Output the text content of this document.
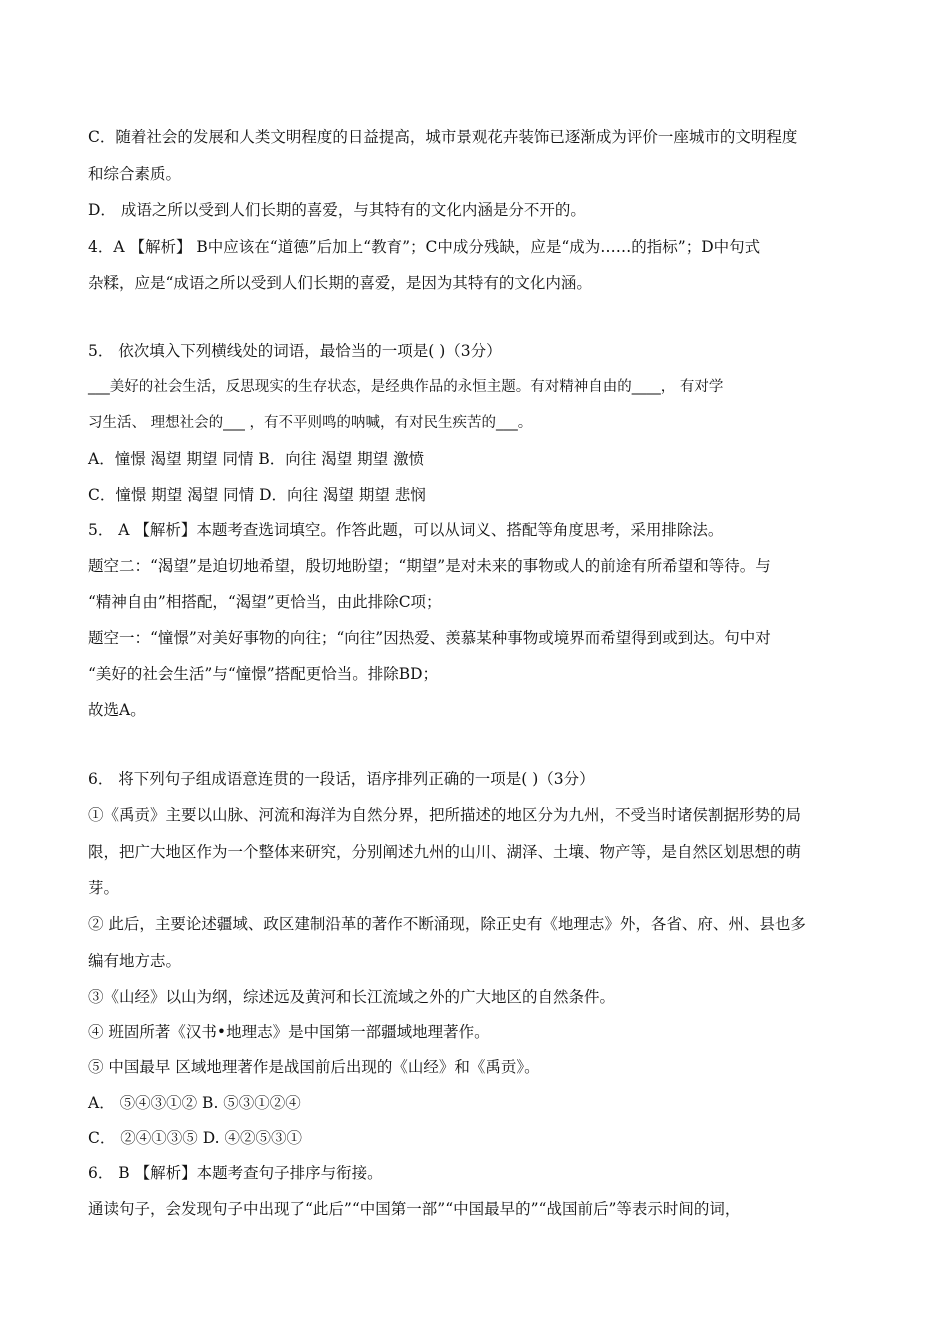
C．随着社会的发展和人类文明程度的日益提高，城市景观花卉装饰已逐渐成为评价一座城市的文明程度
和综合素质。
D． 成语之所以受到人们长期的喜爱，与其特有的文化内涵是分不开的。
4．A 【解析】 B中应该在“道德”后加上“教育”；C中成分残缺，应是“成为……的指标”；D中句式
杂糅，应是“成语之所以受到人们长期的喜爱，是因为其特有的文化内涵。
5． 依次填入下列横线处的词语，最恰当的一项是( )（3分）
___美好的社会生活，反思现实的生存状态，是经典作品的永恒主题。有对精神自由的____， 有对学
习生活、 理想社会的___ ，有不平则鸣的呐喊，有对民生疾苦的___。
A．憧憬 渴望 期望 同情 B．向往 渴望 期望 激愤
C．憧憬 期望 渴望 同情 D．向往 渴望 期望 悲悯
5． A 【解析】本题考查选词填空。作答此题，可以从词义、搭配等角度思考，采用排除法。
题空二：“渴望”是迫切地希望，殷切地盼望；“期望”是对未来的事物或人的前途有所希望和等待。与
“精神自由”相搭配，“渴望”更恰当，由此排除C项；
题空一：“憧憬”对美好事物的向往；“向往”因热爱、羡慕某种事物或境界而希望得到或到达。句中对
“美好的社会生活”与“憧憬”搭配更恰当。排除BD；
故选A。
6． 将下列句子组成语意连贯的一段话，语序排列正确的一项是( )（3分）
①《禹贡》主要以山脉、河流和海洋为自然分界，把所描述的地区分为九州，不受当时诸侯割据形势的局
限，把广大地区作为一个整体来研究，分别阐述九州的山川、湖泽、土壤、物产等，是自然区划思想的萌
芽。
② 此后，主要论述疆域、政区建制沿革的著作不断涌现，除正史有《地理志》外，各省、府、州、县也多
编有地方志。
③《山经》以山为纲，综述远及黄河和长江流域之外的广大地区的自然条件。
④ 班固所著《汉书•地理志》是中国第一部疆域地理著作。
⑤ 中国最早 区域地理著作是战国前后出现的《山经》和《禹贡》。
A． ⑤④③①② B. ⑤③①②④
C． ②④①③⑤ D. ④②⑤③①
6． B 【解析】本题考查句子排序与衔接。
通读句子，会发现句子中出现了“此后”“中国第一部”“中国最早的”“战国前后”等表示时间的词，
